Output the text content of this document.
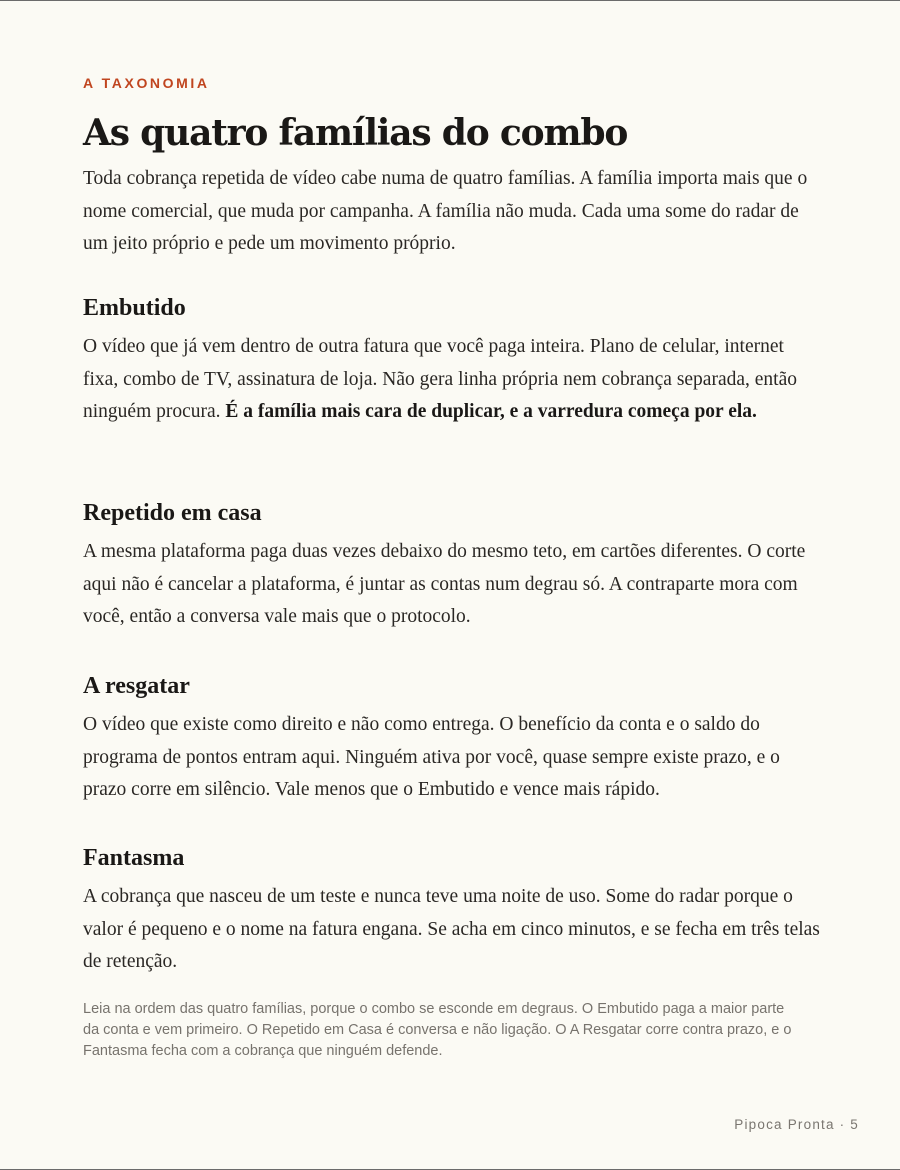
A TAXONOMIA
As quatro famílias do combo

Toda cobrança repetida de vídeo cabe numa de quatro famílias. A família importa mais que o nome comercial, que muda por campanha. A família não muda. Cada uma some do radar de um jeito próprio e pede um movimento próprio.

Embutido

O vídeo que já vem dentro de outra fatura que você paga inteira. Plano de celular, internet fixa, combo de TV, assinatura de loja. Não gera linha própria nem cobrança separada, então ninguém procura. É a família mais cara de duplicar, e a varredura começa por ela.

Repetido em casa

A mesma plataforma paga duas vezes debaixo do mesmo teto, em cartões diferentes. O corte aqui não é cancelar a plataforma, é juntar as contas num degrau só. A contraparte mora com você, então a conversa vale mais que o protocolo.

A resgatar

O vídeo que existe como direito e não como entrega. O benefício da conta e o saldo do programa de pontos entram aqui. Ninguém ativa por você, quase sempre existe prazo, e o prazo corre em silêncio. Vale menos que o Embutido e vence mais rápido.

Fantasma

A cobrança que nasceu de um teste e nunca teve uma noite de uso. Some do radar porque o valor é pequeno e o nome na fatura engana. Se acha em cinco minutos, e se fecha em três telas de retenção.

Leia na ordem das quatro famílias, porque o combo se esconde em degraus. O Embutido paga a maior parte da conta e vem primeiro. O Repetido em Casa é conversa e não ligação. O A Resgatar corre contra prazo, e o Fantasma fecha com a cobrança que ninguém defende.

Pipoca Pronta · 5
